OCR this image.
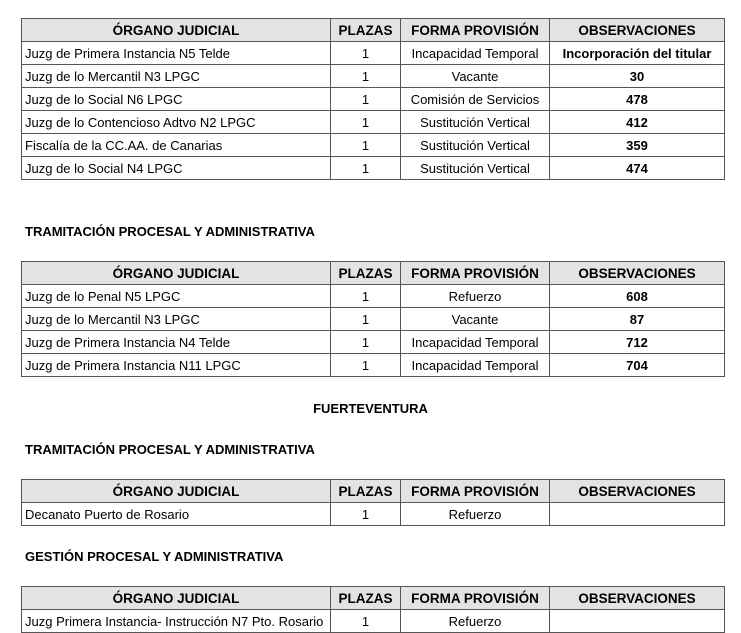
ÓRGANO JUDICIAL	PLAZAS	FORMA PROVISIÓN	OBSERVACIONES
Juzg de Primera Instancia N5 Telde	1	Incapacidad Temporal	Incorporación del titular
Juzg de lo Mercantil N3 LPGC	1	Vacante	30
Juzg de lo Social N6 LPGC	1	Comisión de Servicios	478
Juzg de lo Contencioso Adtvo N2 LPGC	1	Sustitución Vertical	412
Fiscalía de la CC.AA. de Canarias	1	Sustitución Vertical	359
Juzg de lo Social N4 LPGC	1	Sustitución Vertical	474
TRAMITACIÓN PROCESAL Y ADMINISTRATIVA
ÓRGANO JUDICIAL	PLAZAS	FORMA PROVISIÓN	OBSERVACIONES
Juzg de lo Penal N5 LPGC	1	Refuerzo	608
Juzg de lo Mercantil N3 LPGC	1	Vacante	87
Juzg de Primera Instancia N4 Telde	1	Incapacidad Temporal	712
Juzg de Primera Instancia N11 LPGC	1	Incapacidad Temporal	704
FUERTEVENTURA
TRAMITACIÓN PROCESAL Y ADMINISTRATIVA
ÓRGANO JUDICIAL	PLAZAS	FORMA PROVISIÓN	OBSERVACIONES
Decanato Puerto de Rosario	1	Refuerzo	
GESTIÓN PROCESAL Y ADMINISTRATIVA
ÓRGANO JUDICIAL	PLAZAS	FORMA PROVISIÓN	OBSERVACIONES
Juzg Primera Instancia- Instrucción N7 Pto. Rosario	1	Refuerzo	
